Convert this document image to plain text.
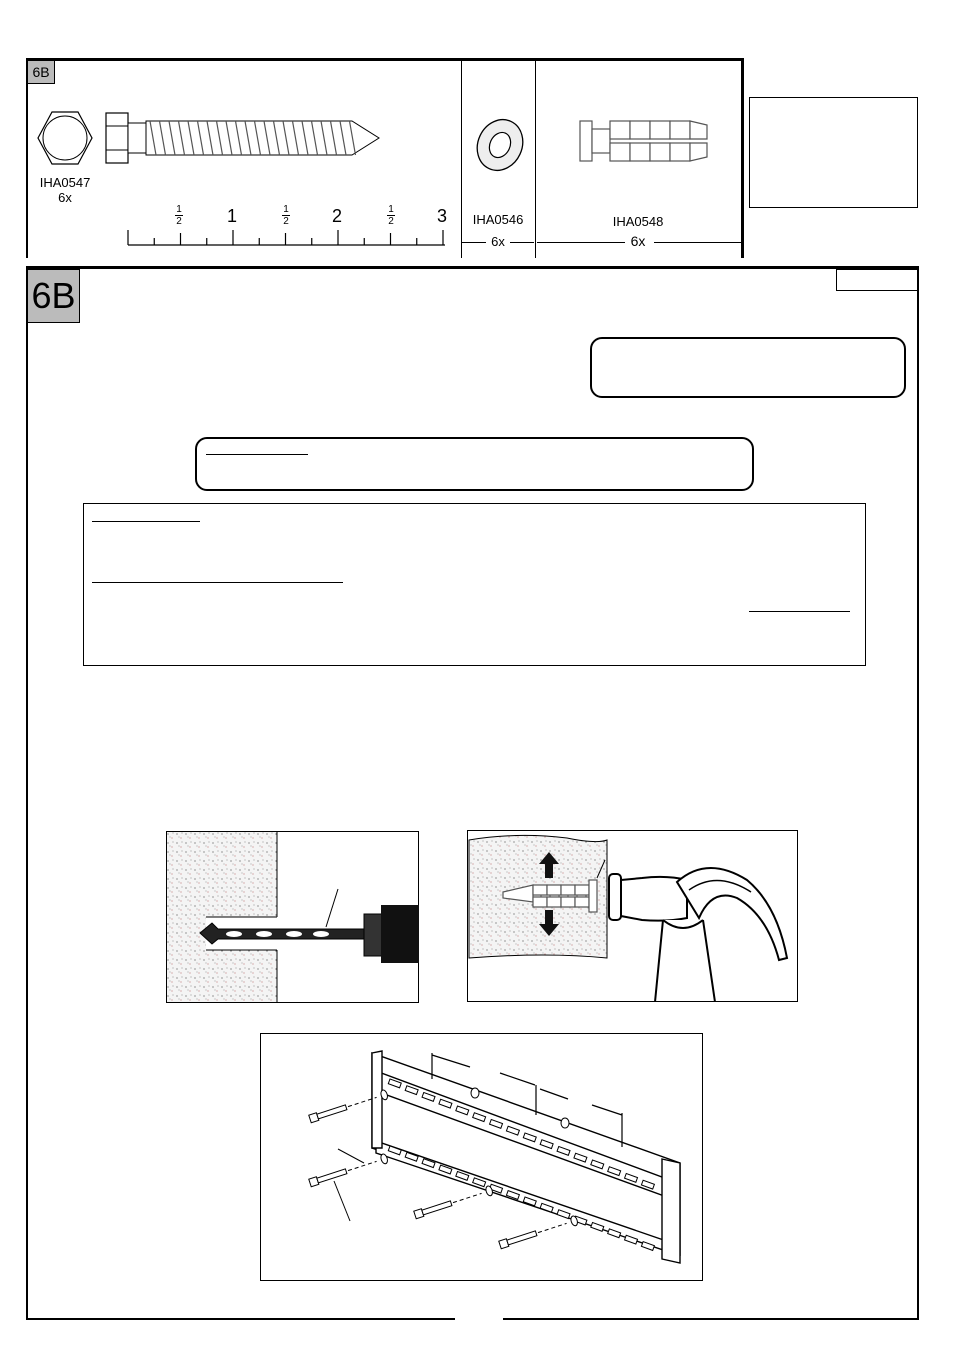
6B
IHA0547
6x
1
2	1	1
2 2	1
2 3	IHA0546
6x
IHA0548
6x
6B
